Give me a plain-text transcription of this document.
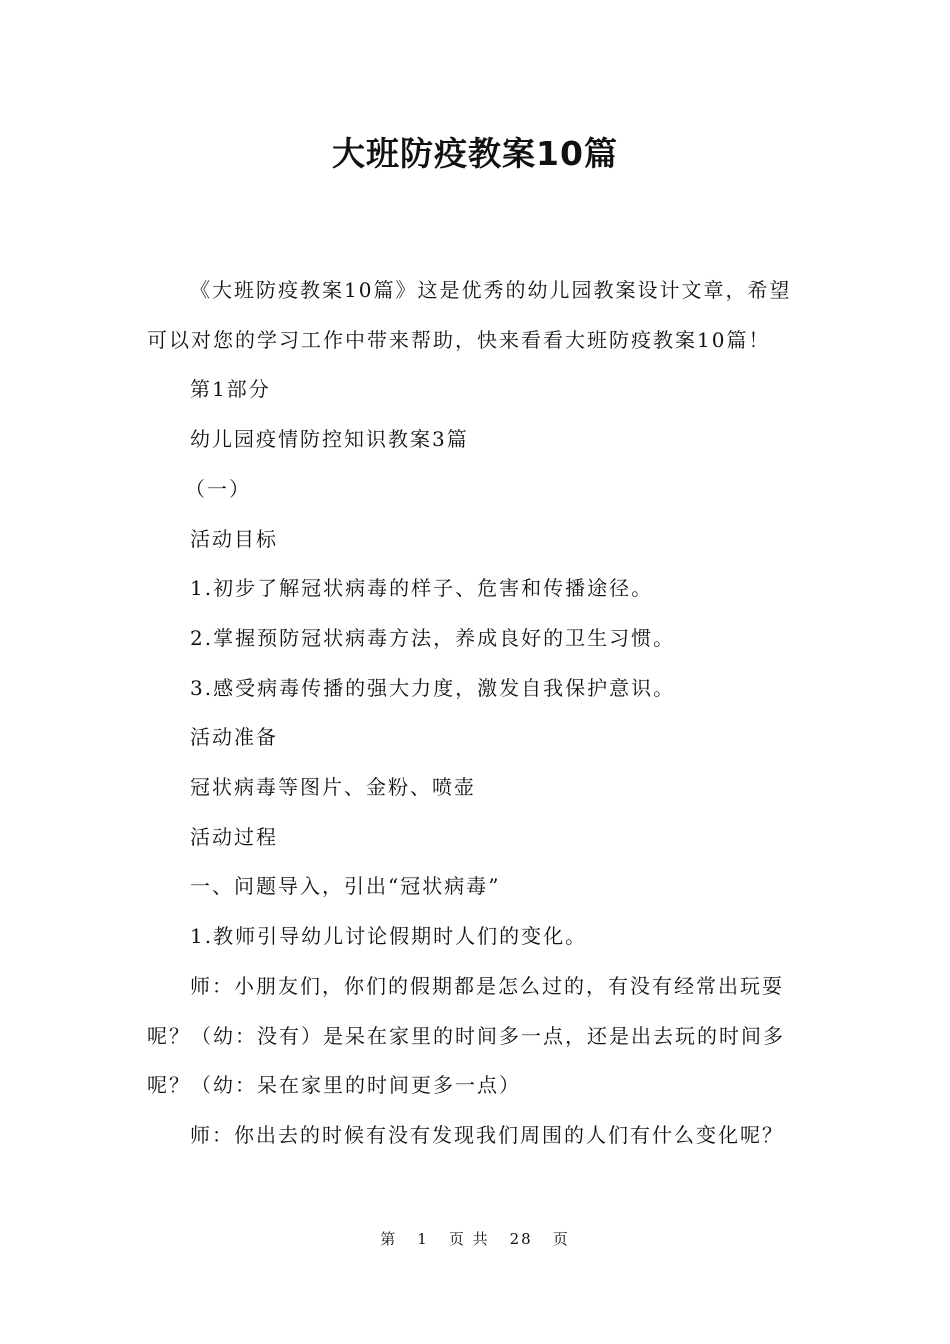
大班防疫教案10篇

《大班防疫教案10篇》这是优秀的幼儿园教案设计文章，希望

可以对您的学习工作中带来帮助，快来看看大班防疫教案10篇！

第1部分

幼儿园疫情防控知识教案3篇

（一）

活动目标

1.初步了解冠状病毒的样子、危害和传播途径。

2.掌握预防冠状病毒方法，养成良好的卫生习惯。

3.感受病毒传播的强大力度，激发自我保护意识。

活动准备

冠状病毒等图片、金粉、喷壶

活动过程

一、问题导入，引出“冠状病毒”

1.教师引导幼儿讨论假期时人们的变化。

师：小朋友们，你们的假期都是怎么过的，有没有经常出玩耍

呢？（幼：没有）是呆在家里的时间多一点，还是出去玩的时间多

呢？（幼：呆在家里的时间更多一点）

师：你出去的时候有没有发现我们周围的人们有什么变化呢？

第 1 页 共 28 页
